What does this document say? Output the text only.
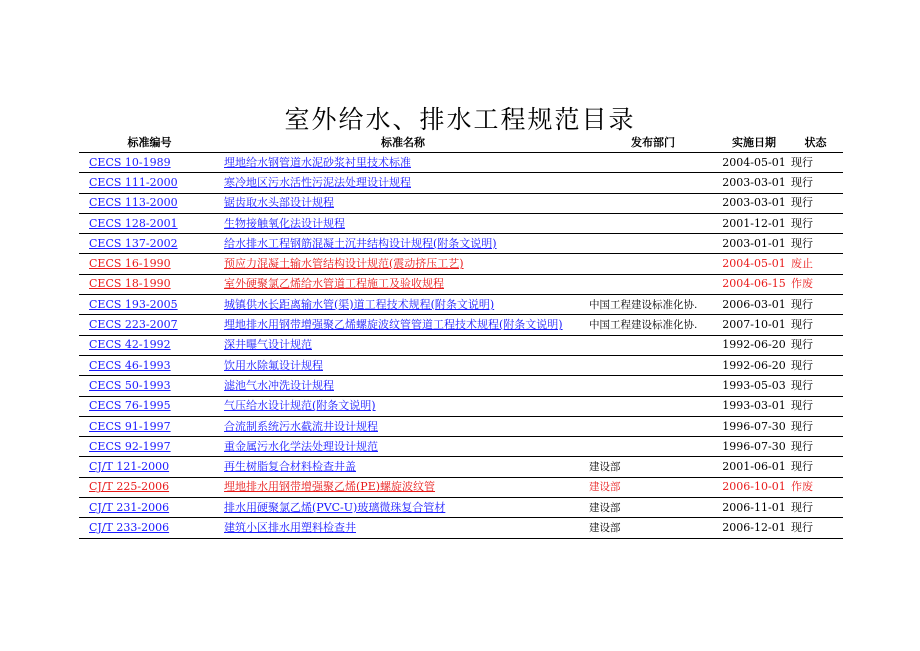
室外给水、排水工程规范目录
标准编号	标准名称	发布部门	实施日期	状态
CECS 10-1989	埋地给水钢管道水泥砂浆衬里技术标准		2004-05-01	现行
CECS 111-2000	寒冷地区污水活性污泥法处理设计规程		2003-03-01	现行
CECS 113-2000	锯齿取水头部设计规程		2003-03-01	现行
CECS 128-2001	生物接触氧化法设计规程		2001-12-01	现行
CECS 137-2002	给水排水工程钢筋混凝土沉井结构设计规程(附条文说明)		2003-01-01	现行
CECS 16-1990	预应力混凝土输水管结构设计规范(震动挤压工艺)		2004-05-01	废止
CECS 18-1990	室外硬聚氯乙烯给水管道工程施工及验收规程		2004-06-15	作废
CECS 193-2005	城镇供水长距离输水管(渠)道工程技术规程(附条文说明)	中国工程建设标准化协.	2006-03-01	现行
CECS 223-2007	埋地排水用钢带增强聚乙烯螺旋波纹管管道工程技术规程(附条文说明)	中国工程建设标准化协.	2007-10-01	现行
CECS 42-1992	深井曝气设计规范		1992-06-20	现行
CECS 46-1993	饮用水除氟设计规程		1992-06-20	现行
CECS 50-1993	滤池气水冲洗设计规程		1993-05-03	现行
CECS 76-1995	气压给水设计规范(附条文说明)		1993-03-01	现行
CECS 91-1997	合流制系统污水截流井设计规程		1996-07-30	现行
CECS 92-1997	重金属污水化学法处理设计规范		1996-07-30	现行
CJ/T 121-2000	再生树脂复合材料检查井盖	建设部	2001-06-01	现行
CJ/T 225-2006	埋地排水用钢带增强聚乙烯(PE)螺旋波纹管	建设部	2006-10-01	作废
CJ/T 231-2006	排水用硬聚氯乙烯(PVC-U)玻璃微珠复合管材	建设部	2006-11-01	现行
CJ/T 233-2006	建筑小区排水用塑料检查井	建设部	2006-12-01	现行
